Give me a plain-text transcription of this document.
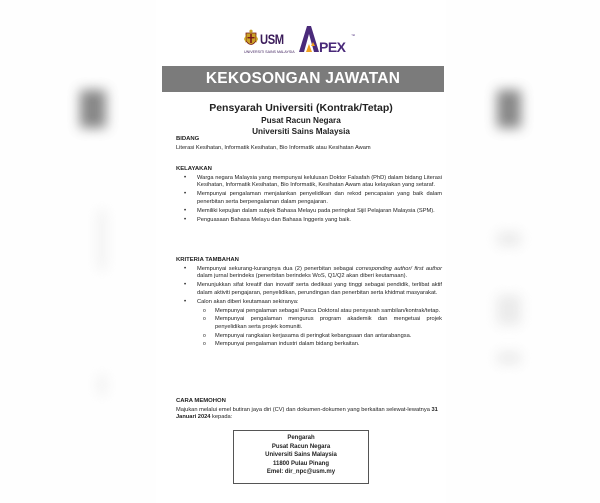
USM
UNIVERSITI SAINS MALAYSIA PEX
™
KEKOSONGAN JAWATAN
Pensyarah Universiti (Kontrak/Tetap)
Pusat Racun Negara
Universiti Sains Malaysia
BIDANG
Literasi Kesihatan, Informatik Kesihatan, Bio Informatik atau Kesihatan Awam
KELAYAKAN
• Warga negara Malaysia yang mempunyai kelulusan Doktor Falsafah (PhD) dalam bidang Literasi Kesihatan, Informatik Kesihatan, Bio Informatik, Kesihatan Awam atau kelayakan yang setaraf.
• Mempunyai pengalaman menjalankan penyelidikan dan rekod pencapaian yang baik dalam penerbitan serta berpengalaman dalam pengajaran.
• Memiliki kepujian dalam subjek Bahasa Melayu pada peringkat Sijil Pelajaran Malaysia (SPM).
• Penguasaan Bahasa Melayu dan Bahasa Inggeris yang baik.
KRITERIA TAMBAHAN
• Mempunyai sekurang-kurangnya dua (2) penerbitan sebagai corresponding author/ first author dalam jurnal berindeks (penerbitan berindeks WoS, Q1/Q2 akan diberi keutamaan).
• Menunjukkan sifat kreatif dan inovatif serta dedikasi yang tinggi sebagai pendidik, terlibat aktif dalam aktiviti pengajaran, penyelidikan, perundingan dan penerbitan serta khidmat masyarakat.
• Calon akan diberi keutamaan sekiranya:
o Mempunyai pengalaman sebagai Pasca Doktoral atau pensyarah sambilan/kontrak/tetap.
o Mempunyai pengalaman mengurus program akademik dan mengetuai projek penyelidikan serta projek komuniti.
o Mempunyai rangkaian kerjasama di peringkat kebangsaan dan antarabangsa.
o Mempunyai pengalaman industri dalam bidang berkaitan.
CARA MEMOHON
Majukan melalui emel butiran jaya diri (CV) dan dokumen-dokumen yang berkaitan selewat-lewatnya 31 Januari 2024 kepada:
Pengarah
Pusat Racun Negara
Universiti Sains Malaysia
11800 Pulau Pinang
Emel: dir_npc@usm.my
